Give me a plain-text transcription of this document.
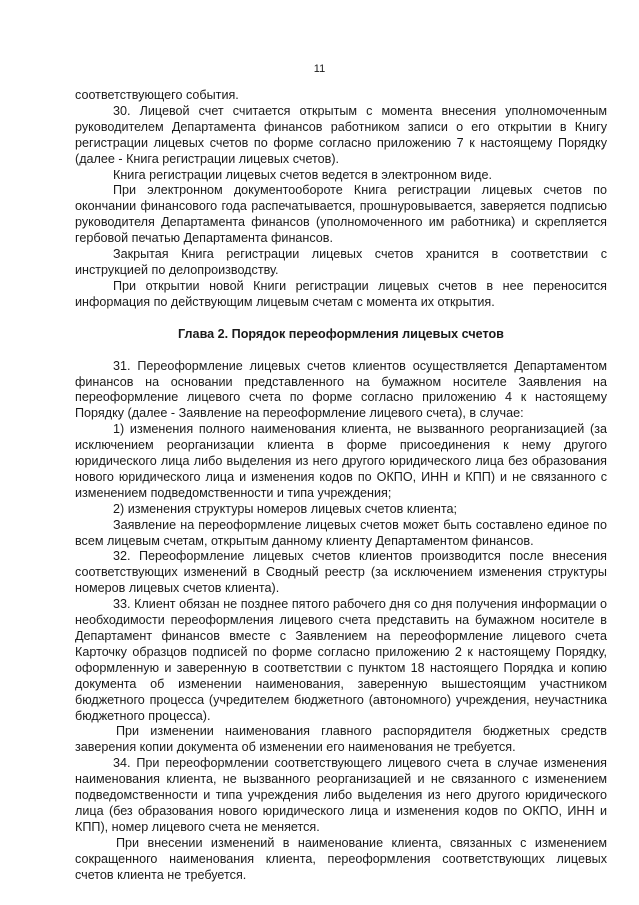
11

соответствующего события.

30. Лицевой счет считается открытым с момента внесения уполномоченным руководителем Департамента финансов работником записи о его открытии в Книгу регистрации лицевых счетов по форме согласно приложению 7 к настоящему Порядку (далее - Книга регистрации лицевых счетов).

Книга регистрации лицевых счетов ведется в электронном виде.

При электронном документообороте Книга регистрации лицевых счетов по окончании финансового года распечатывается, прошнуровывается, заверяется подписью руководителя Департамента финансов (уполномоченного им работника) и скрепляется гербовой печатью Департамента финансов.

Закрытая Книга регистрации лицевых счетов хранится в соответствии с инструкцией по делопроизводству.

При открытии новой Книги регистрации лицевых счетов в нее переносится информация по действующим лицевым счетам с момента их открытия.

Глава 2. Порядок переоформления лицевых счетов

31. Переоформление лицевых счетов клиентов осуществляется Департаментом финансов на основании представленного на бумажном носителе Заявления на переоформление лицевого счета по форме согласно приложению 4 к настоящему Порядку (далее - Заявление на переоформление лицевого счета), в случае:

1) изменения полного наименования клиента, не вызванного реорганизацией (за исключением реорганизации клиента в форме присоединения к нему другого юридического лица либо выделения из него другого юридического лица без образования нового юридического лица и изменения кодов по ОКПО, ИНН и КПП) и не связанного с изменением подведомственности и типа учреждения;

2) изменения структуры номеров лицевых счетов клиента;

Заявление на переоформление лицевых счетов может быть составлено единое по всем лицевым счетам, открытым данному клиенту Департаментом финансов.

32. Переоформление лицевых счетов клиентов производится после внесения соответствующих изменений в Сводный реестр (за исключением изменения структуры номеров лицевых счетов клиента).

33. Клиент обязан не позднее пятого рабочего дня со дня получения информации о необходимости переоформления лицевого счета представить на бумажном носителе в Департамент финансов вместе с Заявлением на переоформление лицевого счета Карточку образцов подписей по форме согласно приложению 2 к настоящему Порядку, оформленную и заверенную в соответствии с пунктом 18 настоящего Порядка и копию документа об изменении наименования, заверенную вышестоящим участником бюджетного процесса (учредителем бюджетного (автономного) учреждения, неучастника бюджетного процесса).

При изменении наименования главного распорядителя бюджетных средств заверения копии документа об изменении его наименования не требуется.

34. При переоформлении соответствующего лицевого счета в случае изменения наименования клиента, не вызванного реорганизацией и не связанного с изменением подведомственности и типа учреждения либо выделения из него другого юридического лица (без образования нового юридического лица и изменения кодов по ОКПО, ИНН и КПП), номер лицевого счета не меняется.

При внесении изменений в наименование клиента, связанных с изменением сокращенного наименования клиента, переоформления соответствующих лицевых счетов клиента не требуется.
